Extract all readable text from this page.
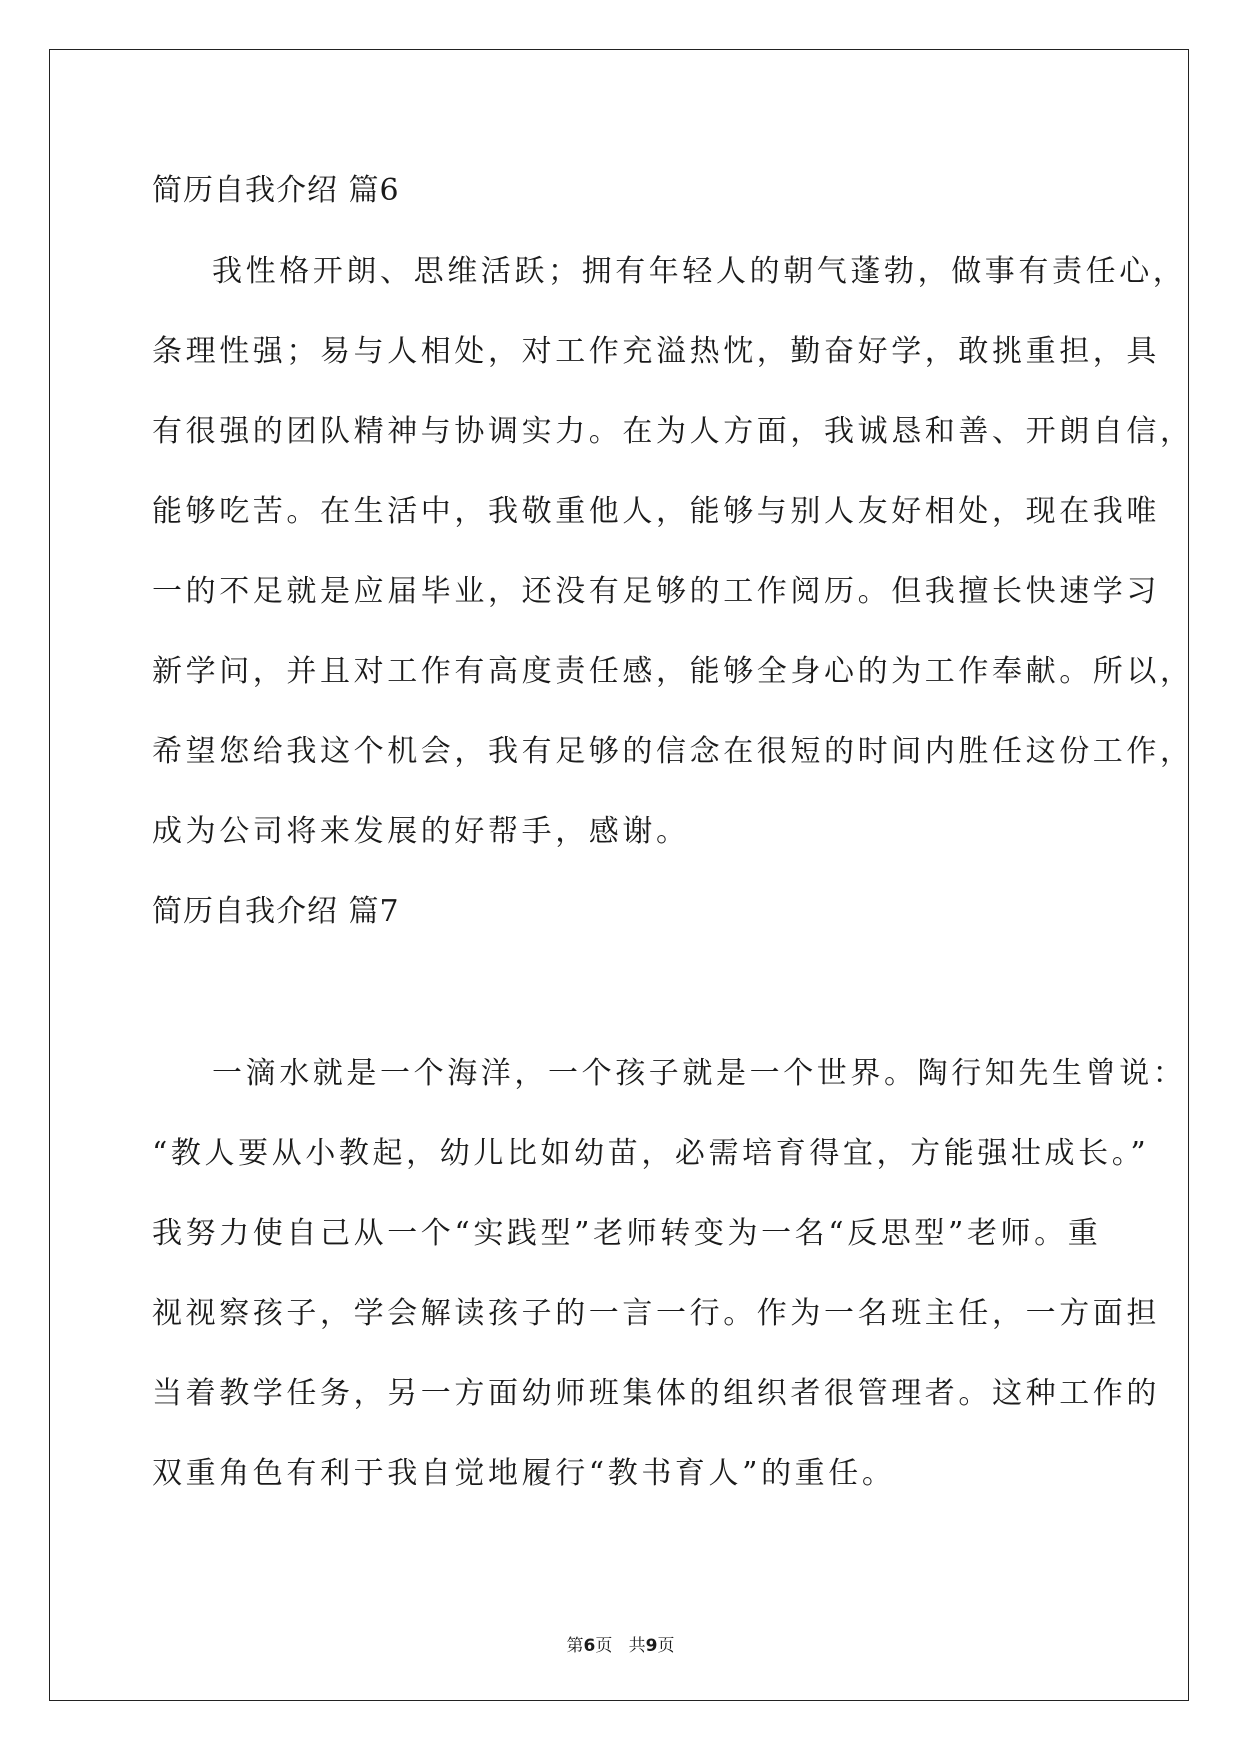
简历自我介绍 篇6
我性格开朗、思维活跃；拥有年轻人的朝气蓬勃，做事有责任心，
条理性强；易与人相处，对工作充溢热忱，勤奋好学，敢挑重担，具
有很强的团队精神与协调实力。在为人方面，我诚恳和善、开朗自信，
能够吃苦。在生活中，我敬重他人，能够与别人友好相处，现在我唯
一的不足就是应届毕业，还没有足够的工作阅历。但我擅长快速学习
新学问，并且对工作有高度责任感，能够全身心的为工作奉献。所以，
希望您给我这个机会，我有足够的信念在很短的时间内胜任这份工作，
成为公司将来发展的好帮手，感谢。
简历自我介绍 篇7
一滴水就是一个海洋，一个孩子就是一个世界。陶行知先生曾说：
“教人要从小教起，幼儿比如幼苗，必需培育得宜，方能强壮成长。”
我努力使自己从一个“实践型”老师转变为一名“反思型”老师。重
视视察孩子，学会解读孩子的一言一行。作为一名班主任，一方面担
当着教学任务，另一方面幼师班集体的组织者很管理者。这种工作的
双重角色有利于我自觉地履行“教书育人”的重任。
第6页 共9页
